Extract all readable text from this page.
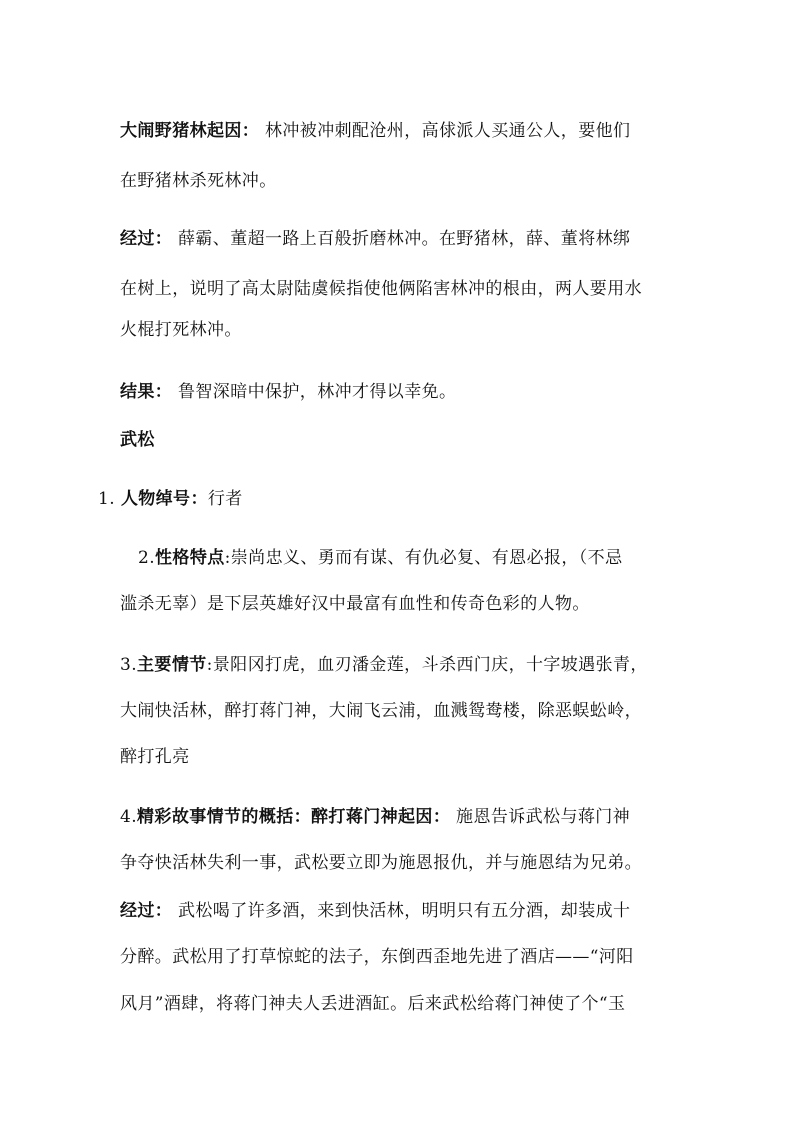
大闹野猪林起因： 林冲被冲刺配沧州，高俅派人买通公人，要他们
在野猪林杀死林冲。
经过： 薛霸、董超一路上百般折磨林冲。在野猪林，薛、董将林绑
在树上，说明了高太尉陆虞候指使他俩陷害林冲的根由，两人要用水
火棍打死林冲。
结果： 鲁智深暗中保护，林冲才得以幸免。
武松
1. 人物绰号：行者
2.性格特点:崇尚忠义、勇而有谋、有仇必复、有恩必报，（不忌
滥杀无辜）是下层英雄好汉中最富有血性和传奇色彩的人物。
3.主要情节:景阳冈打虎，血刃潘金莲，斗杀西门庆，十字坡遇张青，
大闹快活林，醉打蒋门神，大闹飞云浦，血溅鸳鸯楼，除恶蜈蚣岭，
醉打孔亮
4.精彩故事情节的概括：醉打蒋门神起因： 施恩告诉武松与蒋门神
争夺快活林失利一事，武松要立即为施恩报仇，并与施恩结为兄弟。
经过： 武松喝了许多酒，来到快活林，明明只有五分酒，却装成十
分醉。武松用了打草惊蛇的法子，东倒西歪地先进了酒店——“河阳
风月”酒肆，将蒋门神夫人丢进酒缸。后来武松给蒋门神使了个“玉
